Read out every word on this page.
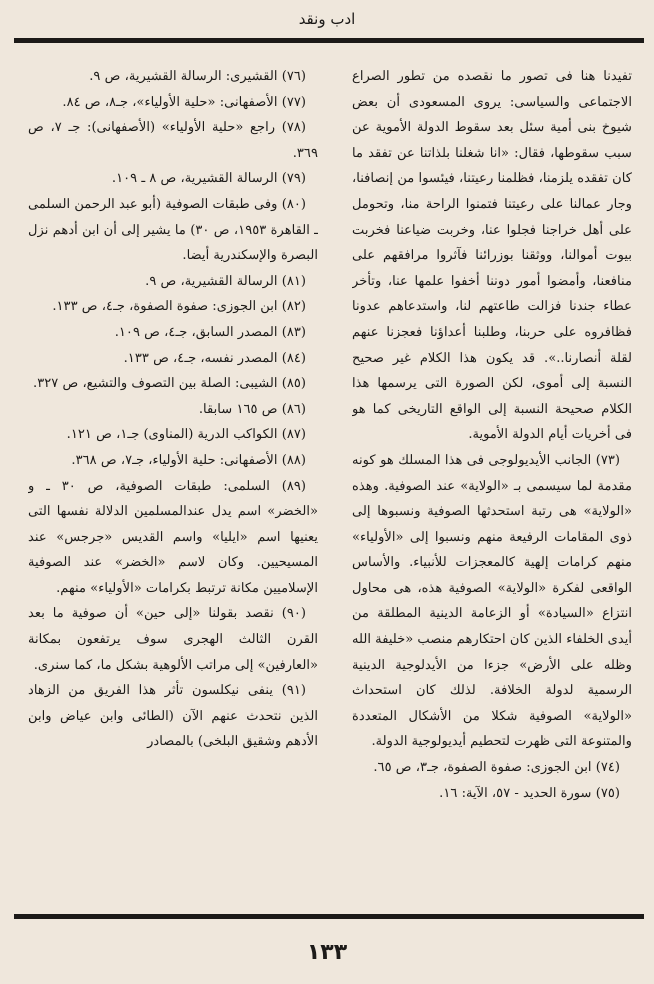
ادب ونقد

تفيدنا هنا فى تصور ما نقصده من تطور الصراع الاجتماعى والسياسى: يروى المسعودى أن بعض شيوخ بنى أمية سئل بعد سقوط الدولة الأموية عن سبب سقوطها، فقال: «انا شغلنا بلذاتنا عن تفقد ما كان تفقده يلزمنا، فظلمنا رعيتنا، فيئسوا من إنصافنا، وجار عمالنا على رعيتنا فتمنوا الراحة منا، وتحومل على أهل خراجنا فجلوا عنا، وخربت ضياعنا فخربت بيوت أموالنا، ووثقنا بوزرائنا فآثروا مرافقهم على منافعنا، وأمضوا أمور دوننا أخفوا علمها عنا، وتأخر عطاء جندنا فزالت طاعتهم لنا، واستدعاهم عدونا فظافروه على حربنا، وطلبنا أعداؤنا فعجزنا عنهم لقلة أنصارنا..». قد يكون هذا الكلام غير صحيح النسبة إلى أموى، لكن الصورة التى يرسمها هذا الكلام صحيحة النسبة إلى الواقع التاريخى كما هو فى أخريات أيام الدولة الأموية.

(٧٣) الجانب الأيديولوجى فى هذا المسلك هو كونه مقدمة لما سيسمى بـ «الولاية» عند الصوفية. وهذه «الولاية» هى رتبة استحدثها الصوفية ونسبوها إلى ذوى المقامات الرفيعة منهم ونسبوا إلى «الأولياء» منهم كرامات إلهية كالمعجزات للأنبياء. والأساس الواقعى لفكرة «الولاية» الصوفية هذه، هى محاول انتزاع «السيادة» أو الزعامة الدينية المطلقة من أيدى الخلفاء الذين كان احتكارهم منصب «خليفة الله وظله على الأرض» جزءا من الأيدلوجية الدينية الرسمية لدولة الخلافة. لذلك كان استحداث «الولاية» الصوفية شكلا من الأشكال المتعددة والمتنوعة التى ظهرت لتحطيم أيديولوجية الدولة.

(٧٤) ابن الجوزى: صفوة الصفوة، جـ٣، ص ٦٥.

(٧٥) سورة الحديد - ٥٧، الآية: ١٦.

(٧٦) القشيرى: الرسالة القشيرية، ص ٩.

(٧٧) الأصفهانى: «حلية الأولياء»، جـ٨، ص ٨٤.

(٧٨) راجع «حلية الأولياء» (الأصفهانى): جـ ٧، ص ٣٦٩.

(٧٩) الرسالة القشيرية، ص ٨ ـ ١٠٩.

(٨٠) وفى طبقات الصوفية (أبو عبد الرحمن السلمى ـ القاهرة ١٩٥٣، ص ٣٠) ما يشير إلى أن ابن أدهم نزل البصرة والإسكندرية أيضا.

(٨١) الرسالة القشيرية، ص ٩.

(٨٢) ابن الجوزى: صفوة الصفوة، جـ٤، ص ١٣٣.

(٨٣) المصدر السابق، جـ٤، ص ١٠٩.

(٨٤) المصدر نفسه، جـ٤، ص ١٣٣.

(٨٥) الشيبى: الصلة بين التصوف والتشيع، ص ٣٢٧.

(٨٦) ص ١٦٥ سابقا.

(٨٧) الكواكب الدرية (المناوى) جـ١، ص ١٢١.

(٨٨) الأصفهانى: حلية الأولياء، جـ٧، ص ٣٦٨.

(٨٩) السلمى: طبقات الصوفية، ص ٣٠ ـ و «الخضر» اسم يدل عندالمسلمين الدلالة نفسها التى يعنيها اسم «ايليا» واسم القديس «جرجس» عند المسيحيين. وكان لاسم «الخضر» عند الصوفية الإسلاميين مكانة ترتبط بكرامات «الأولياء» منهم.

(٩٠) نقصد بقولنا «إلى حين» أن صوفية ما بعد القرن الثالث الهجرى سوف يرتفعون بمكانة «العارفين» إلى مراتب الألوهية بشكل ما، كما سنرى.

(٩١) ينفى نيكلسون تأثر هذا الفريق من الزهاد الذين نتحدث عنهم الآن (الطائى وابن عياض وابن الأدهم وشقيق البلخى) بالمصادر

١٣٣
